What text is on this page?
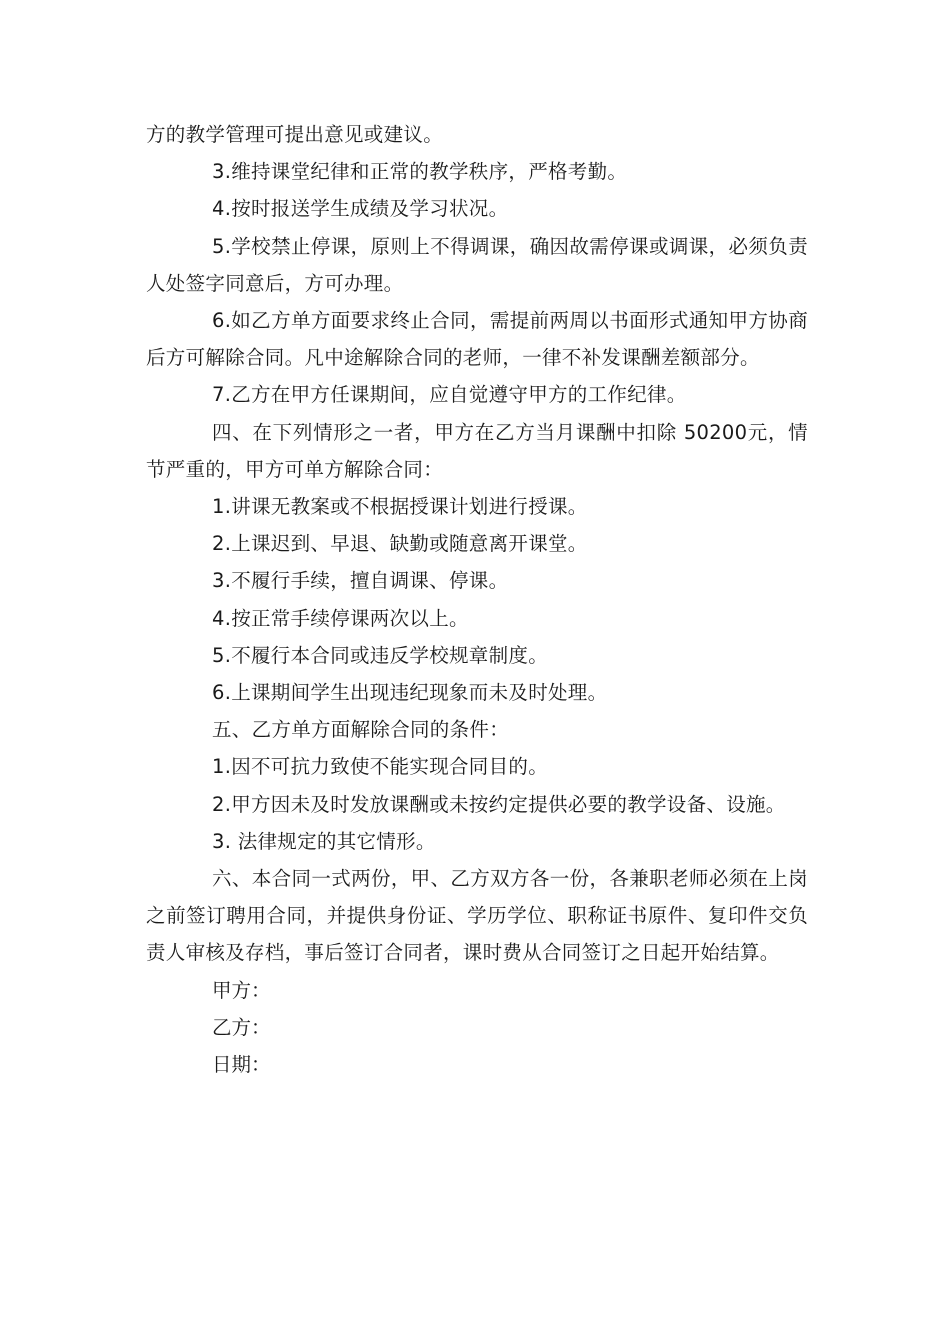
方的教学管理可提出意见或建议。

3.维持课堂纪律和正常的教学秩序，严格考勤。

4.按时报送学生成绩及学习状况。

5.学校禁止停课，原则上不得调课，确因故需停课或调课，必须负责人处签字同意后，方可办理。

6.如乙方单方面要求终止合同，需提前两周以书面形式通知甲方协商后方可解除合同。凡中途解除合同的老师，一律不补发课酬差额部分。

7.乙方在甲方任课期间，应自觉遵守甲方的工作纪律。

四、在下列情形之一者，甲方在乙方当月课酬中扣除 50200元，情节严重的，甲方可单方解除合同：

1.讲课无教案或不根据授课计划进行授课。

2.上课迟到、早退、缺勤或随意离开课堂。

3.不履行手续，擅自调课、停课。

4.按正常手续停课两次以上。

5.不履行本合同或违反学校规章制度。

6.上课期间学生出现违纪现象而未及时处理。

五、乙方单方面解除合同的条件：

1.因不可抗力致使不能实现合同目的。

2.甲方因未及时发放课酬或未按约定提供必要的教学设备、设施。

3. 法律规定的其它情形。

六、本合同一式两份，甲、乙方双方各一份，各兼职老师必须在上岗之前签订聘用合同，并提供身份证、学历学位、职称证书原件、复印件交负责人审核及存档，事后签订合同者，课时费从合同签订之日起开始结算。

甲方：

乙方：

日期：
